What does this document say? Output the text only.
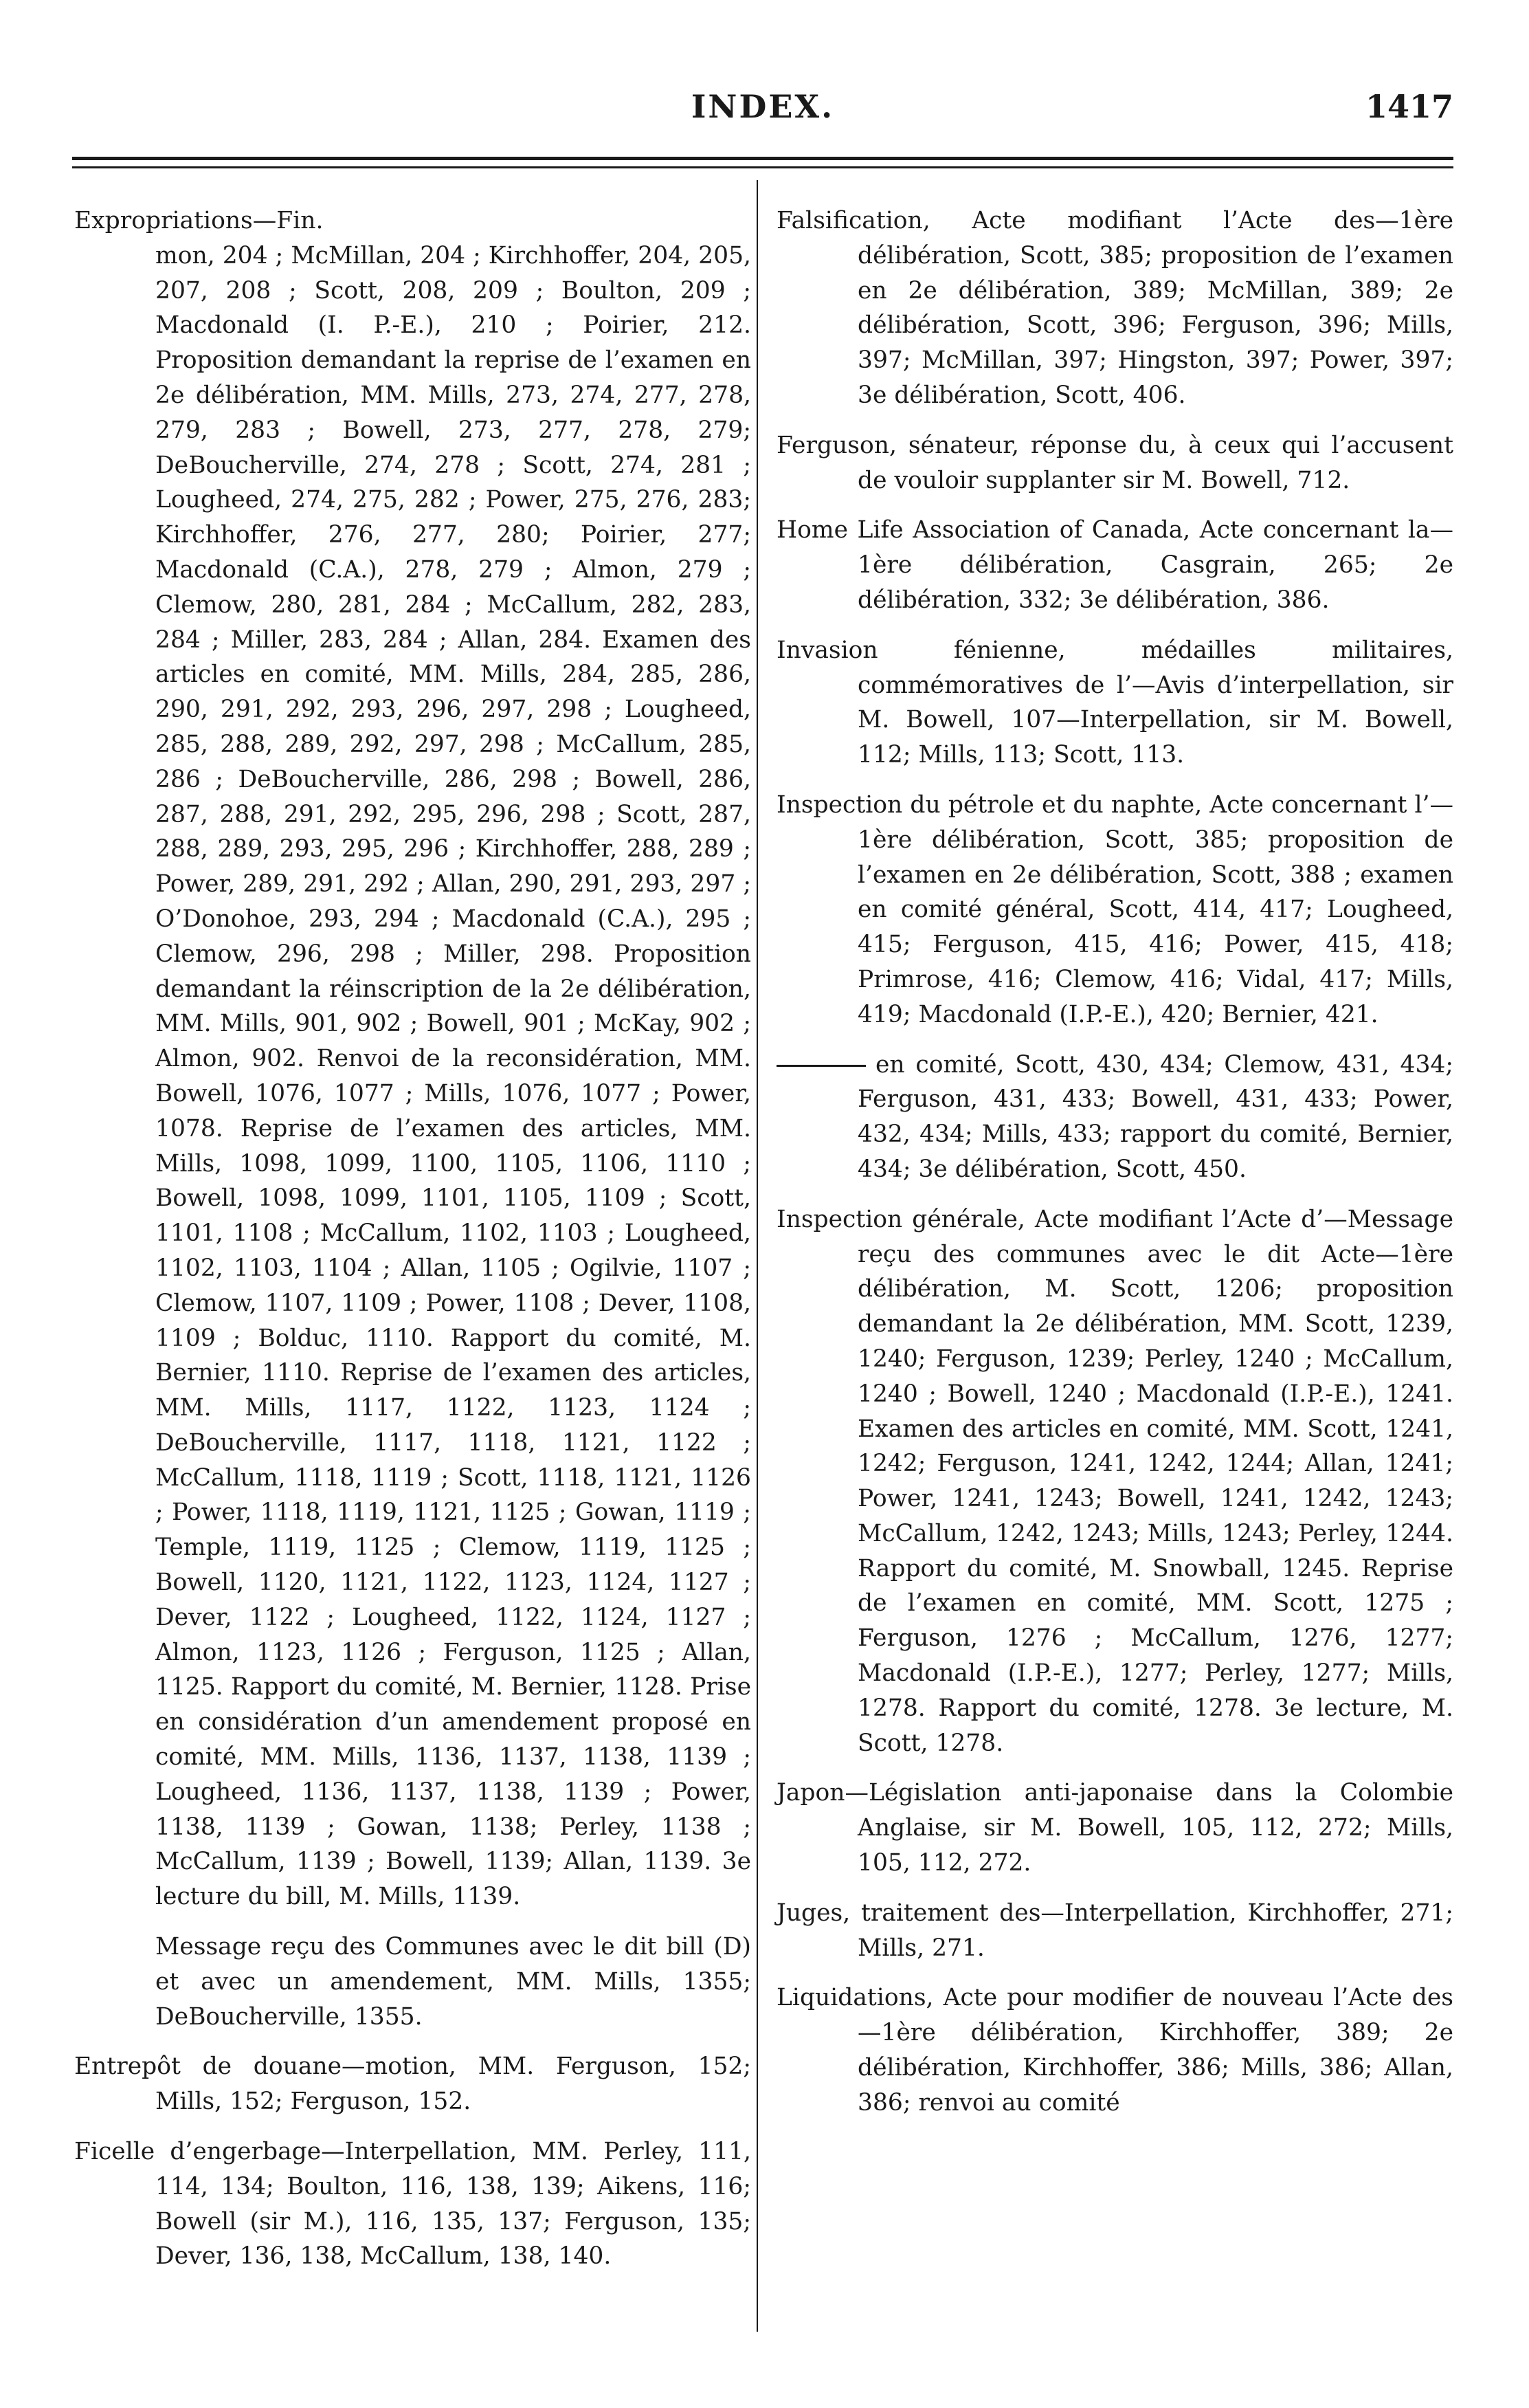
INDEX.	1417

Expropriations—Fin.

mon, 204 ; McMillan, 204 ; Kirchhoffer, 204, 205, 207, 208 ; Scott, 208, 209 ; Boulton, 209 ; Macdonald (I. P.-E.), 210 ; Poirier, 212. Proposition demandant la reprise de l’examen en 2e délibération, MM. Mills, 273, 274, 277, 278, 279, 283 ; Bowell, 273, 277, 278, 279; DeBoucherville, 274, 278 ; Scott, 274, 281 ; Lougheed, 274, 275, 282 ; Power, 275, 276, 283; Kirchhoffer, 276, 277, 280; Poirier, 277; Macdonald (C.A.), 278, 279 ; Almon, 279 ; Clemow, 280, 281, 284 ; McCallum, 282, 283, 284 ; Miller, 283, 284 ; Allan, 284. Examen des articles en comité, MM. Mills, 284, 285, 286, 290, 291, 292, 293, 296, 297, 298 ; Lougheed, 285, 288, 289, 292, 297, 298 ; McCallum, 285, 286 ; DeBoucherville, 286, 298 ; Bowell, 286, 287, 288, 291, 292, 295, 296, 298 ; Scott, 287, 288, 289, 293, 295, 296 ; Kirchhoffer, 288, 289 ; Power, 289, 291, 292 ; Allan, 290, 291, 293, 297 ; O’Donohoe, 293, 294 ; Macdonald (C.A.), 295 ; Clemow, 296, 298 ; Miller, 298. Proposition demandant la réinscription de la 2e délibération, MM. Mills, 901, 902 ; Bowell, 901 ; McKay, 902 ; Almon, 902. Renvoi de la reconsidération, MM. Bowell, 1076, 1077 ; Mills, 1076, 1077 ; Power, 1078. Reprise de l’examen des articles, MM. Mills, 1098, 1099, 1100, 1105, 1106, 1110 ; Bowell, 1098, 1099, 1101, 1105, 1109 ; Scott, 1101, 1108 ; McCallum, 1102, 1103 ; Lougheed, 1102, 1103, 1104 ; Allan, 1105 ; Ogilvie, 1107 ; Clemow, 1107, 1109 ; Power, 1108 ; Dever, 1108, 1109 ; Bolduc, 1110. Rapport du comité, M. Bernier, 1110. Reprise de l’examen des articles, MM. Mills, 1117, 1122, 1123, 1124 ; DeBoucherville, 1117, 1118, 1121, 1122 ; McCallum, 1118, 1119 ; Scott, 1118, 1121, 1126 ; Power, 1118, 1119, 1121, 1125 ; Gowan, 1119 ; Temple, 1119, 1125 ; Clemow, 1119, 1125 ; Bowell, 1120, 1121, 1122, 1123, 1124, 1127 ; Dever, 1122 ; Lougheed, 1122, 1124, 1127 ; Almon, 1123, 1126 ; Ferguson, 1125 ; Allan, 1125. Rapport du comité, M. Bernier, 1128. Prise en considération d’un amendement proposé en comité, MM. Mills, 1136, 1137, 1138, 1139 ; Lougheed, 1136, 1137, 1138, 1139 ; Power, 1138, 1139 ; Gowan, 1138; Perley, 1138 ; McCallum, 1139 ; Bowell, 1139; Allan, 1139. 3e lecture du bill, M. Mills, 1139.

Message reçu des Communes avec le dit bill (D) et avec un amendement, MM. Mills, 1355; DeBoucherville, 1355.

Entrepôt de douane—motion, MM. Ferguson, 152; Mills, 152; Ferguson, 152.

Ficelle d’engerbage—Interpellation, MM. Perley, 111, 114, 134; Boulton, 116, 138, 139; Aikens, 116; Bowell (sir M.), 116, 135, 137; Ferguson, 135; Dever, 136, 138, McCallum, 138, 140.

Falsification, Acte modifiant l’Acte des—1ère délibération, Scott, 385; proposition de l’examen en 2e délibération, 389; McMillan, 389; 2e délibération, Scott, 396; Ferguson, 396; Mills, 397; McMillan, 397; Hingston, 397; Power, 397; 3e délibération, Scott, 406.

Ferguson, sénateur, réponse du, à ceux qui l’accusent de vouloir supplanter sir M. Bowell, 712.

Home Life Association of Canada, Acte concernant la—1ère délibération, Casgrain, 265; 2e délibération, 332; 3e délibération, 386.

Invasion fénienne, médailles militaires, commémoratives de l’—Avis d’interpellation, sir M. Bowell, 107—Interpellation, sir M. Bowell, 112; Mills, 113; Scott, 113.

Inspection du pétrole et du naphte, Acte concernant l’—1ère délibération, Scott, 385; proposition de l’examen en 2e délibération, Scott, 388 ; examen en comité général, Scott, 414, 417; Lougheed, 415; Ferguson, 415, 416; Power, 415, 418; Primrose, 416; Clemow, 416; Vidal, 417; Mills, 419; Macdonald (I.P.-E.), 420; Bernier, 421.

en comité, Scott, 430, 434; Clemow, 431, 434; Ferguson, 431, 433; Bowell, 431, 433; Power, 432, 434; Mills, 433; rapport du comité, Bernier, 434; 3e délibération, Scott, 450.

Inspection générale, Acte modifiant l’Acte d’—Message reçu des communes avec le dit Acte—1ère délibération, M. Scott, 1206; proposition demandant la 2e délibération, MM. Scott, 1239, 1240; Ferguson, 1239; Perley, 1240 ; McCallum, 1240 ; Bowell, 1240 ; Macdonald (I.P.-E.), 1241. Examen des articles en comité, MM. Scott, 1241, 1242; Ferguson, 1241, 1242, 1244; Allan, 1241; Power, 1241, 1243; Bowell, 1241, 1242, 1243; McCallum, 1242, 1243; Mills, 1243; Perley, 1244. Rapport du comité, M. Snowball, 1245. Reprise de l’examen en comité, MM. Scott, 1275 ; Ferguson, 1276 ; McCallum, 1276, 1277; Macdonald (I.P.-E.), 1277; Perley, 1277; Mills, 1278. Rapport du comité, 1278. 3e lecture, M. Scott, 1278.

Japon—Législation anti-japonaise dans la Colombie Anglaise, sir M. Bowell, 105, 112, 272; Mills, 105, 112, 272.

Juges, traitement des—Interpellation, Kirchhoffer, 271; Mills, 271.

Liquidations, Acte pour modifier de nouveau l’Acte des—1ère délibération, Kirchhoffer, 389; 2e délibération, Kirchhoffer, 386; Mills, 386; Allan, 386; renvoi au comité
